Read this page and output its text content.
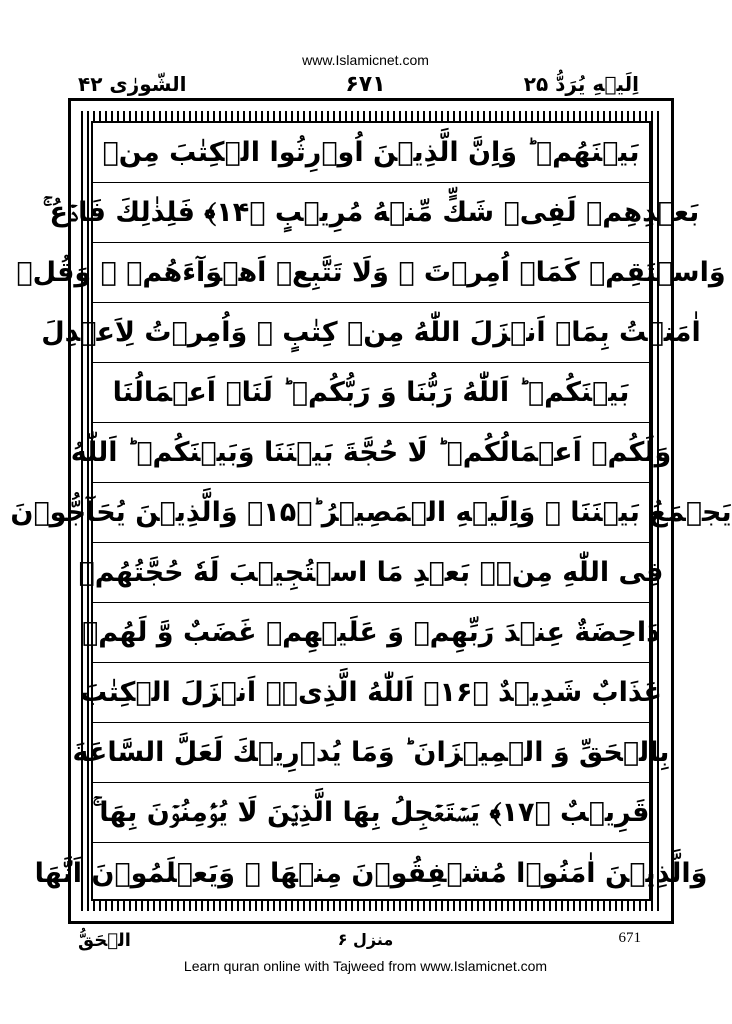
www.Islamicnet.com
الشّورٰى ۴۲	۶۷۱	اِلَیۡهِ یُرَدُّ ۲۵
بَيۡنَهُمۡ ؕ وَاِنَّ الَّذِيۡنَ اُوۡرِثُوا الۡكِتٰبَ مِنۡ
بَعۡدِهِمۡ لَفِىۡ شَكٍّ مِّنۡهُ مُرِيۡبٍ ﴿۱۴﴾ فَلِذٰلِكَ فَادۡعُ ۚ
وَاسۡتَقِمۡ كَمَاۤ اُمِرۡتَ ۚ وَلَا تَتَّبِعۡ اَهۡوَآءَهُمۡ ۚ وَقُلۡ
اٰمَنۡتُ بِمَاۤ اَنۡزَلَ اللّٰهُ مِنۡ كِتٰبٍ ۚ وَاُمِرۡتُ لِاَعۡدِلَ
بَيۡنَكُمۡ ؕ اَللّٰهُ رَبُّنَا وَ رَبُّكُمۡ ؕ لَنَاۤ اَعۡمَالُنَا
وَلَكُمۡ اَعۡمَالُكُمۡ ؕ لَا حُجَّةَ بَيۡنَنَا وَبَيۡنَكُمۡ ؕ اَللّٰهُ
يَجۡمَعُ بَيۡنَنَا ۚ وَاِلَيۡهِ الۡمَصِيۡرُ ؕ﴿۱۵﴾ وَالَّذِيۡنَ يُحَآجُّوۡنَ
فِى اللّٰهِ مِنۡۢ بَعۡدِ مَا اسۡتُجِيۡبَ لَهٗ حُجَّتُهُمۡ
دَاحِضَةٌ عِنۡدَ رَبِّهِمۡ وَ عَلَيۡهِمۡ غَضَبٌ وَّ لَهُمۡ
عَذَابٌ شَدِيۡدٌ ﴿۱۶﴾ اَللّٰهُ الَّذِىۡۤ اَنۡزَلَ الۡكِتٰبَ
بِالۡحَقِّ وَ الۡمِيۡزَانَ ؕ وَمَا يُدۡرِيۡكَ لَعَلَّ السَّاعَةَ
قَرِيۡبٌ ﴿۱۷﴾ يَسۡتَعۡجِلُ بِهَا الَّذِيۡنَ لَا يُؤۡمِنُوۡنَ بِهَا ۚ
وَالَّذِيۡنَ اٰمَنُوۡا مُشۡفِقُوۡنَ مِنۡهَا ۙ وَيَعۡلَمُوۡنَ اَنَّهَا
الۡحَقُّ	منزل ۶	671
Learn quran online with Tajweed from www.Islamicnet.com
